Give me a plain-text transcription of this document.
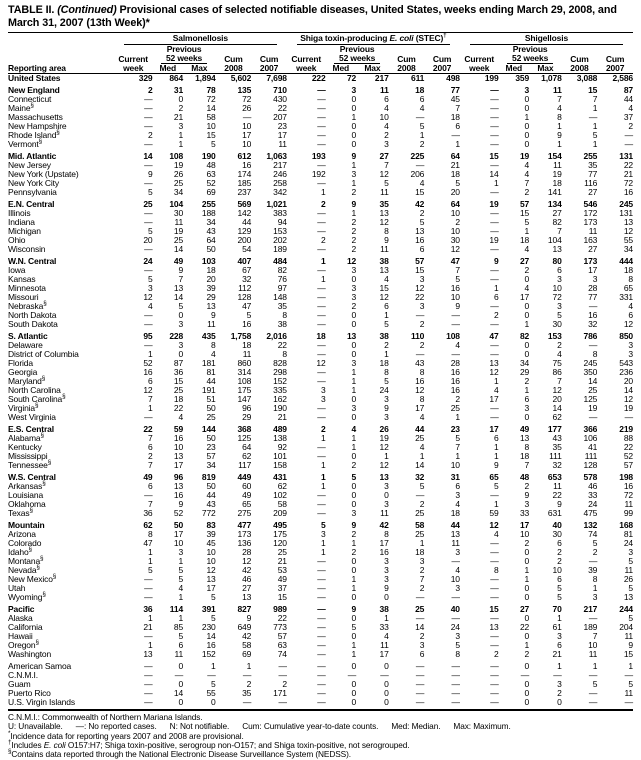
TABLE II. (Continued) Provisional cases of selected notifiable diseases, United States, weeks ending March 29, 2008, and March 31, 2007 (13th Week)*
Reporting area	Salmonellosis					Shiga toxin-producing E. coli (STEC)†					Shigellosis				

		Previous					Previous					Previous			
	Current	52 weeks		Cum	Cum	Current	52 weeks		Cum	Cum	Current	52 weeks		Cum	Cum
	week	Med	Max	2008	2007	week	Med	Max	2008	2007	week	Med	Max	2008	2007
United States	329	864	1,894	5,602	7,698	222	72	217	611	498	199	359	1,078	3,088	2,586

New England	2	31	78	135	710	—	3	11	18	77	—	3	11	15	87
Connecticut	—	0	72	72	430	—	0	6	6	45	—	0	7	7	44
Maine§	—	2	14	26	22	—	0	4	4	7	—	0	4	1	4
Massachusetts	—	21	58	—	207	—	1	10	—	18	—	1	8	—	37
New Hampshire	—	3	10	10	23	—	0	4	5	6	—	0	1	1	2
Rhode Island§	2	1	15	17	17	—	0	2	1	—	—	0	9	5	—
Vermont§	—	1	5	10	11	—	0	3	2	1	—	0	1	1	—

Mid. Atlantic	14	108	190	612	1,063	193	9	27	225	64	15	19	154	255	131
New Jersey	—	19	48	16	217	—	1	7	—	21	—	4	11	35	22
New York (Upstate)	9	26	63	174	246	192	3	12	206	18	14	4	19	77	21
New York City	—	25	52	185	258	—	1	5	4	5	1	7	18	116	72
Pennsylvania	5	34	69	237	342	1	2	11	15	20	—	2	141	27	16

E.N. Central	25	104	255	569	1,021	2	9	35	42	64	19	57	134	546	245
Illinois	—	30	188	142	383	—	1	13	2	10	—	15	27	172	131
Indiana	—	11	34	44	94	—	2	12	5	2	—	5	82	173	13
Michigan	5	19	43	129	153	—	2	8	13	10	—	1	7	11	12
Ohio	20	25	64	200	202	2	2	9	16	30	19	18	104	163	55
Wisconsin	—	14	50	54	189	—	2	11	6	12	—	4	13	27	34

W.N. Central	24	49	103	407	484	1	12	38	57	47	9	27	80	173	444
Iowa	—	9	18	67	82	—	3	13	15	7	—	2	6	17	18
Kansas	5	7	20	32	76	1	0	4	3	5	—	0	3	3	8
Minnesota	3	13	39	112	97	—	3	15	12	16	1	4	10	28	65
Missouri	12	14	29	128	148	—	3	12	22	10	6	17	72	77	331
Nebraska§	4	5	13	47	35	—	2	6	3	9	—	0	3	—	4
North Dakota	—	0	9	5	8	—	0	1	—	—	2	0	5	16	6
South Dakota	—	3	11	16	38	—	0	5	2	—	—	1	30	32	12

S. Atlantic	95	228	435	1,758	2,016	18	13	38	110	108	47	82	153	786	850
Delaware	—	3	8	18	22	—	0	2	2	4	—	0	2	—	3
District of Columbia	1	0	4	11	8	—	0	1	—	—	—	0	4	8	3
Florida	52	87	181	860	828	12	3	18	43	28	13	34	75	245	543
Georgia	16	36	81	314	298	—	1	8	8	16	12	29	86	350	236
Maryland§	6	15	44	108	152	—	1	5	16	16	1	2	7	14	20
North Carolina	12	25	191	175	335	3	1	24	12	16	4	1	12	25	14
South Carolina§	7	18	51	147	162	3	0	3	8	2	17	6	20	125	12
Virginia§	1	22	50	96	190	—	3	9	17	25	—	3	14	19	19
West Virginia	—	4	25	29	21	—	0	3	4	1	—	0	62	—	—

E.S. Central	22	59	144	368	489	2	4	26	44	23	17	49	177	366	219
Alabama§	7	16	50	125	138	1	1	19	25	5	6	13	43	106	88
Kentucky	6	10	23	64	92	—	1	12	4	7	1	8	35	41	22
Mississippi	2	13	57	62	101	—	0	1	1	1	1	18	111	111	52
Tennessee§	7	17	34	117	158	1	2	12	14	10	9	7	32	128	57

W.S. Central	49	96	819	449	431	1	5	13	32	31	65	48	653	578	198
Arkansas§	6	13	50	60	62	1	0	3	5	6	5	2	11	46	16
Louisiana	—	16	44	49	102	—	0	0	—	3	—	9	22	33	72
Oklahoma	7	9	43	65	58	—	0	3	2	4	1	3	9	24	11
Texas§	36	52	772	275	209	—	3	11	25	18	59	33	631	475	99

Mountain	62	50	83	477	495	5	9	42	58	44	12	17	40	132	168
Arizona	8	17	39	173	175	3	2	8	25	13	4	10	30	74	81
Colorado	47	10	45	136	120	1	1	17	1	11	—	2	6	5	24
Idaho§	1	3	10	28	25	1	2	16	18	3	—	0	2	2	3
Montana§	1	1	10	12	21	—	0	3	3	—	—	0	2	—	5
Nevada§	5	5	12	42	53	—	0	3	2	4	8	1	10	39	11
New Mexico§	—	5	13	46	49	—	1	3	7	10	—	1	6	8	26
Utah	—	4	17	27	37	—	1	9	2	3	—	0	5	1	5
Wyoming§	—	1	5	13	15	—	0	0	—	—	—	0	5	3	13

Pacific	36	114	391	827	989	—	9	38	25	40	15	27	70	217	244
Alaska	1	1	5	9	22	—	0	1	—	—	—	0	1	—	5
California	21	85	230	649	773	—	5	33	14	24	13	22	61	189	204
Hawaii	—	5	14	42	57	—	0	4	2	3	—	0	3	7	11
Oregon§	1	6	16	58	63	—	1	11	3	5	—	1	6	10	9
Washington	13	11	152	69	74	—	1	17	6	8	2	2	21	11	15

American Samoa	—	0	1	1	—	—	0	0	—	—	—	0	1	1	1
C.N.M.I.	—	—	—	—	—	—	—	—	—	—	—	—	—	—	—
Guam	—	0	5	2	2	—	0	0	—	—	—	0	3	5	5
Puerto Rico	—	14	55	35	171	—	0	0	—	—	—	0	2	—	11
U.S. Virgin Islands	—	0	0	—	—	—	0	0	—	—	—	0	0	—	—
C.N.M.I.: Commonwealth of Northern Mariana Islands.
U: Unavailable. —: No reported cases. N: Not notifiable. Cum: Cumulative year-to-date counts. Med: Median. Max: Maximum.
*Incidence data for reporting years 2007 and 2008 are provisional.
†Includes E. coli O157:H7; Shiga toxin-positive, serogroup non-O157; and Shiga toxin-positive, not serogrouped.
§Contains data reported through the National Electronic Disease Surveillance System (NEDSS).
